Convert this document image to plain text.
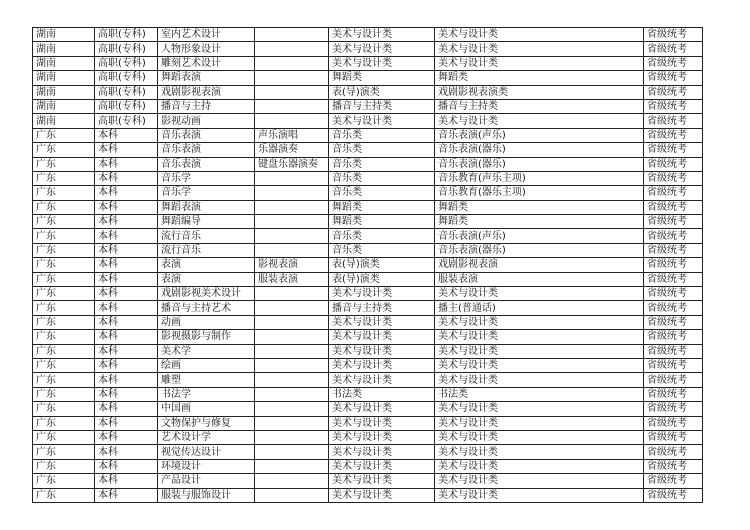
湖南	高职(专科)	室内艺术设计		美术与设计类	美术与设计类	省级统考
湖南	高职(专科)	人物形象设计		美术与设计类	美术与设计类	省级统考
湖南	高职(专科)	雕刻艺术设计		美术与设计类	美术与设计类	省级统考
湖南	高职(专科)	舞蹈表演		舞蹈类	舞蹈类	省级统考
湖南	高职(专科)	戏剧影视表演		表(导)演类	戏剧影视表演类	省级统考
湖南	高职(专科)	播音与主持		播音与主持类	播音与主持类	省级统考
湖南	高职(专科)	影视动画		美术与设计类	美术与设计类	省级统考
广东	本科	音乐表演	声乐演唱	音乐类	音乐表演(声乐)	省级统考
广东	本科	音乐表演	乐器演奏	音乐类	音乐表演(器乐)	省级统考
广东	本科	音乐表演	键盘乐器演奏	音乐类	音乐表演(器乐)	省级统考
广东	本科	音乐学		音乐类	音乐教育(声乐主项)	省级统考
广东	本科	音乐学		音乐类	音乐教育(器乐主项)	省级统考
广东	本科	舞蹈表演		舞蹈类	舞蹈类	省级统考
广东	本科	舞蹈编导		舞蹈类	舞蹈类	省级统考
广东	本科	流行音乐		音乐类	音乐表演(声乐)	省级统考
广东	本科	流行音乐		音乐类	音乐表演(器乐)	省级统考
广东	本科	表演	影视表演	表(导)演类	戏剧影视表演	省级统考
广东	本科	表演	服装表演	表(导)演类	服装表演	省级统考
广东	本科	戏剧影视美术设计		美术与设计类	美术与设计类	省级统考
广东	本科	播音与主持艺术		播音与主持类	播主(普通话)	省级统考
广东	本科	动画		美术与设计类	美术与设计类	省级统考
广东	本科	影视摄影与制作		美术与设计类	美术与设计类	省级统考
广东	本科	美术学		美术与设计类	美术与设计类	省级统考
广东	本科	绘画		美术与设计类	美术与设计类	省级统考
广东	本科	雕塑		美术与设计类	美术与设计类	省级统考
广东	本科	书法学		书法类	书法类	省级统考
广东	本科	中国画		美术与设计类	美术与设计类	省级统考
广东	本科	文物保护与修复		美术与设计类	美术与设计类	省级统考
广东	本科	艺术设计学		美术与设计类	美术与设计类	省级统考
广东	本科	视觉传达设计		美术与设计类	美术与设计类	省级统考
广东	本科	环境设计		美术与设计类	美术与设计类	省级统考
广东	本科	产品设计		美术与设计类	美术与设计类	省级统考
广东	本科	服装与服饰设计		美术与设计类	美术与设计类	省级统考
